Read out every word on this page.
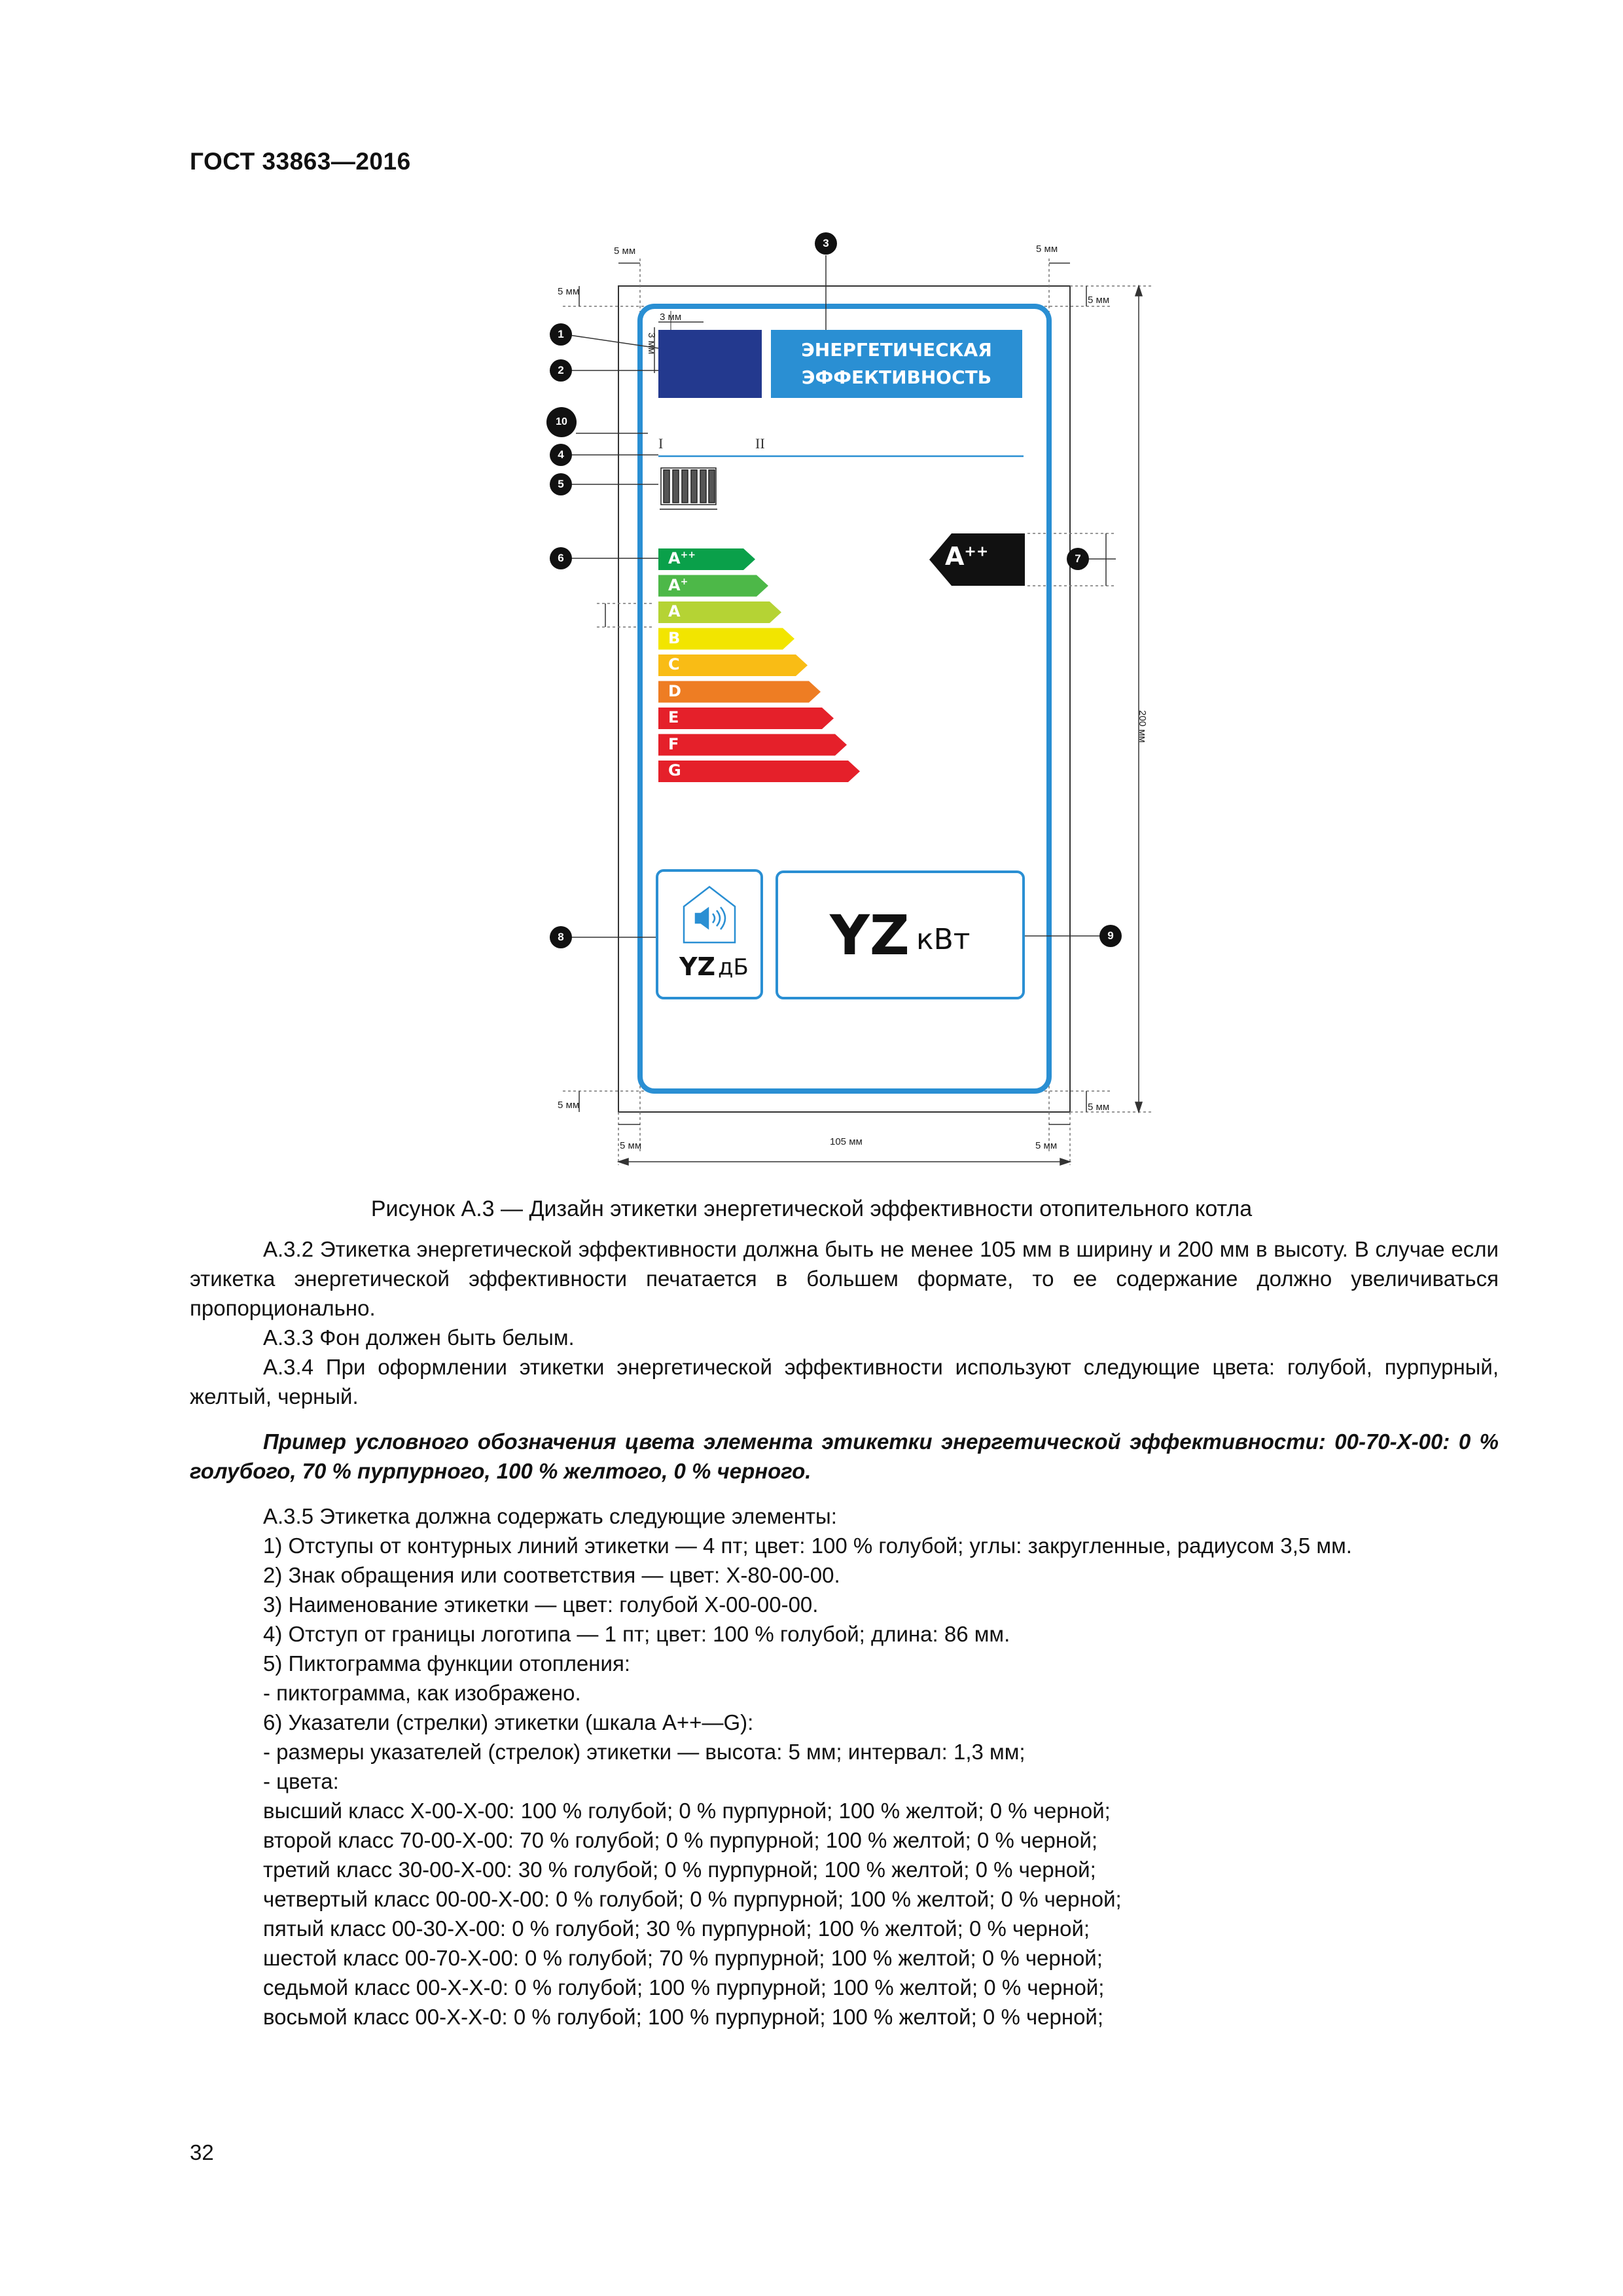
ГОСТ 33863—2016
5 мм	5 мм
5 мм
5 мм
3 мм
3 мм
5 мм	5 мм
5 мм	5 мм
105 мм
200 мм
1
2
3
4
5
6	7
8	9
10
ЭНЕРГЕТИЧЕСКАЯ
ЭФФЕКТИВНОСТЬ
I	II
A++
A+
A
B
C
D
E
F
G
A++
YZ дБ YZ кВт
Рисунок А.3 — Дизайн этикетки энергетической эффективности отопительного котла

А.3.2 Этикетка энергетической эффективности должна быть не менее 105 мм в ширину и 200 мм в высоту. В случае если этикетка энергетической эффективности печатается в большем формате, то ее содержание должно увеличиваться пропорционально.

А.3.3 Фон должен быть белым.

А.3.4 При оформлении этикетки энергетической эффективности используют следующие цвета: голубой, пурпурный, желтый, черный.

Пример условного обозначения цвета элемента этикетки энергетической эффективности: 00-70-Х-00: 0 % голубого, 70 % пурпурного, 100 % желтого, 0 % черного.

А.3.5 Этикетка должна содержать следующие элементы:

1) Отступы от контурных линий этикетки — 4 пт; цвет: 100 % голубой; углы: закругленные, радиусом 3,5 мм.

2) Знак обращения или соответствия — цвет: Х-80-00-00.

3) Наименование этикетки — цвет: голубой Х-00-00-00.

4) Отступ от границы логотипа — 1 пт; цвет: 100 % голубой; длина: 86 мм.

5) Пиктограмма функции отопления:

- пиктограмма, как изображено.

6) Указатели (стрелки) этикетки (шкала А++—G):

- размеры указателей (стрелок) этикетки — высота: 5 мм; интервал: 1,3 мм;

- цвета:

высший класс Х-00-Х-00: 100 % голубой; 0 % пурпурной; 100 % желтой; 0 % черной;

второй класс 70-00-Х-00: 70 % голубой; 0 % пурпурной; 100 % желтой; 0 % черной;

третий класс 30-00-Х-00: 30 % голубой; 0 % пурпурной; 100 % желтой; 0 % черной;

четвертый класс 00-00-Х-00: 0 % голубой; 0 % пурпурной; 100 % желтой; 0 % черной;

пятый класс 00-30-Х-00: 0 % голубой; 30 % пурпурной; 100 % желтой; 0 % черной;

шестой класс 00-70-Х-00: 0 % голубой; 70 % пурпурной; 100 % желтой; 0 % черной;

седьмой класс 00-Х-Х-0: 0 % голубой; 100 % пурпурной; 100 % желтой; 0 % черной;

восьмой класс 00-Х-Х-0: 0 % голубой; 100 % пурпурной; 100 % желтой; 0 % черной;

32
